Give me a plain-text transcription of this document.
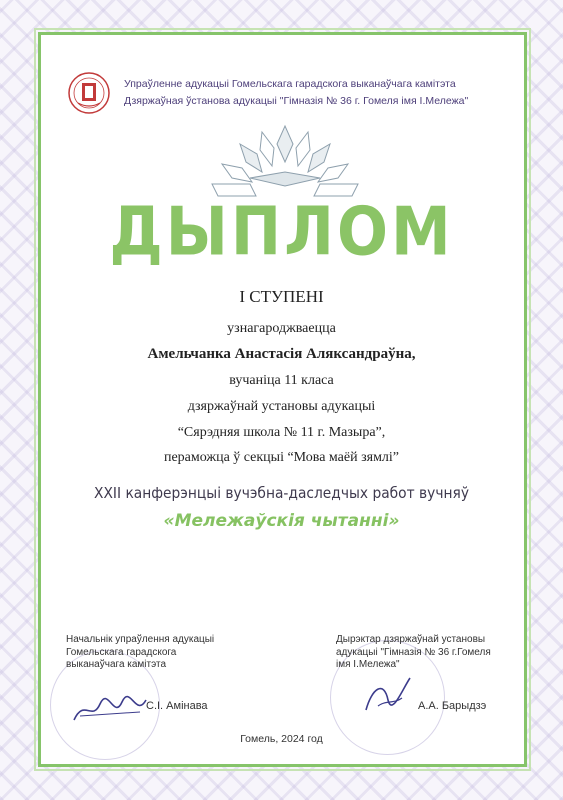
Упраўленне адукацыі Гомельскага гарадскога выканаўчага камітэта
Дзяржаўная ўстанова адукацыі "Гімназія № 36 г. Гомеля імя І.Мележа"
ДЫПЛОМ
І СТУПЕНІ
узнагароджваецца
Амельчанка Анастасія Аляксандраўна,
вучаніца 11 класа
дзяржаўнай установы адукацыі
“Сярэдняя школа № 11 г. Мазыра”,
пераможца ў секцыі “Мова маёй зямлі”
ХХІІ канферэнцыі вучэбна-даследчых работ вучняў
«Мележаўскія чытанні»
Начальнік упраўлення адукацыі
Гомельскага гарадскога
выканаўчага камітэта
С.І. Амінава
Дырэктар дзяржаўнай установы
адукацыі "Гімназія № 36 г.Гомеля
імя І.Мележа"
А.А. Барыдзэ
Гомель, 2024 год
